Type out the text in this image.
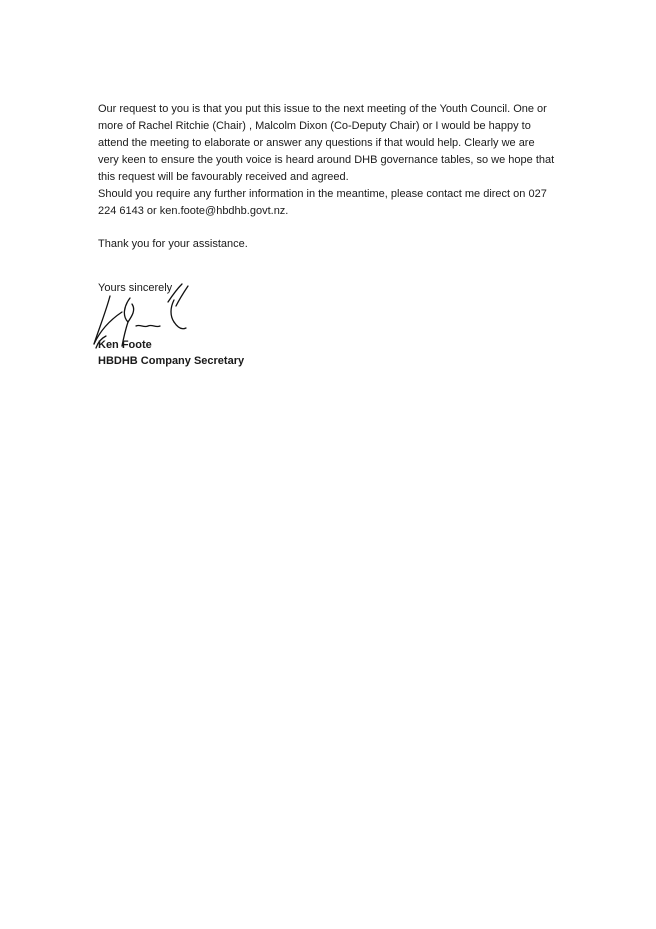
Our request to you is that you put this issue to the next meeting of the Youth Council. One or
more of Rachel Ritchie (Chair) , Malcolm Dixon (Co-Deputy Chair) or I would be happy to
attend the meeting to elaborate or answer any questions if that would help. Clearly we are
very keen to ensure the youth voice is heard around DHB governance tables, so we hope that
this request will be favourably received and agreed.

Should you require any further information in the meantime, please contact me direct on 027
224 6143 or ken.foote@hbdhb.govt.nz.

Thank you for your assistance.

Yours sincerely
Ken Foote
HBDHB Company Secretary
